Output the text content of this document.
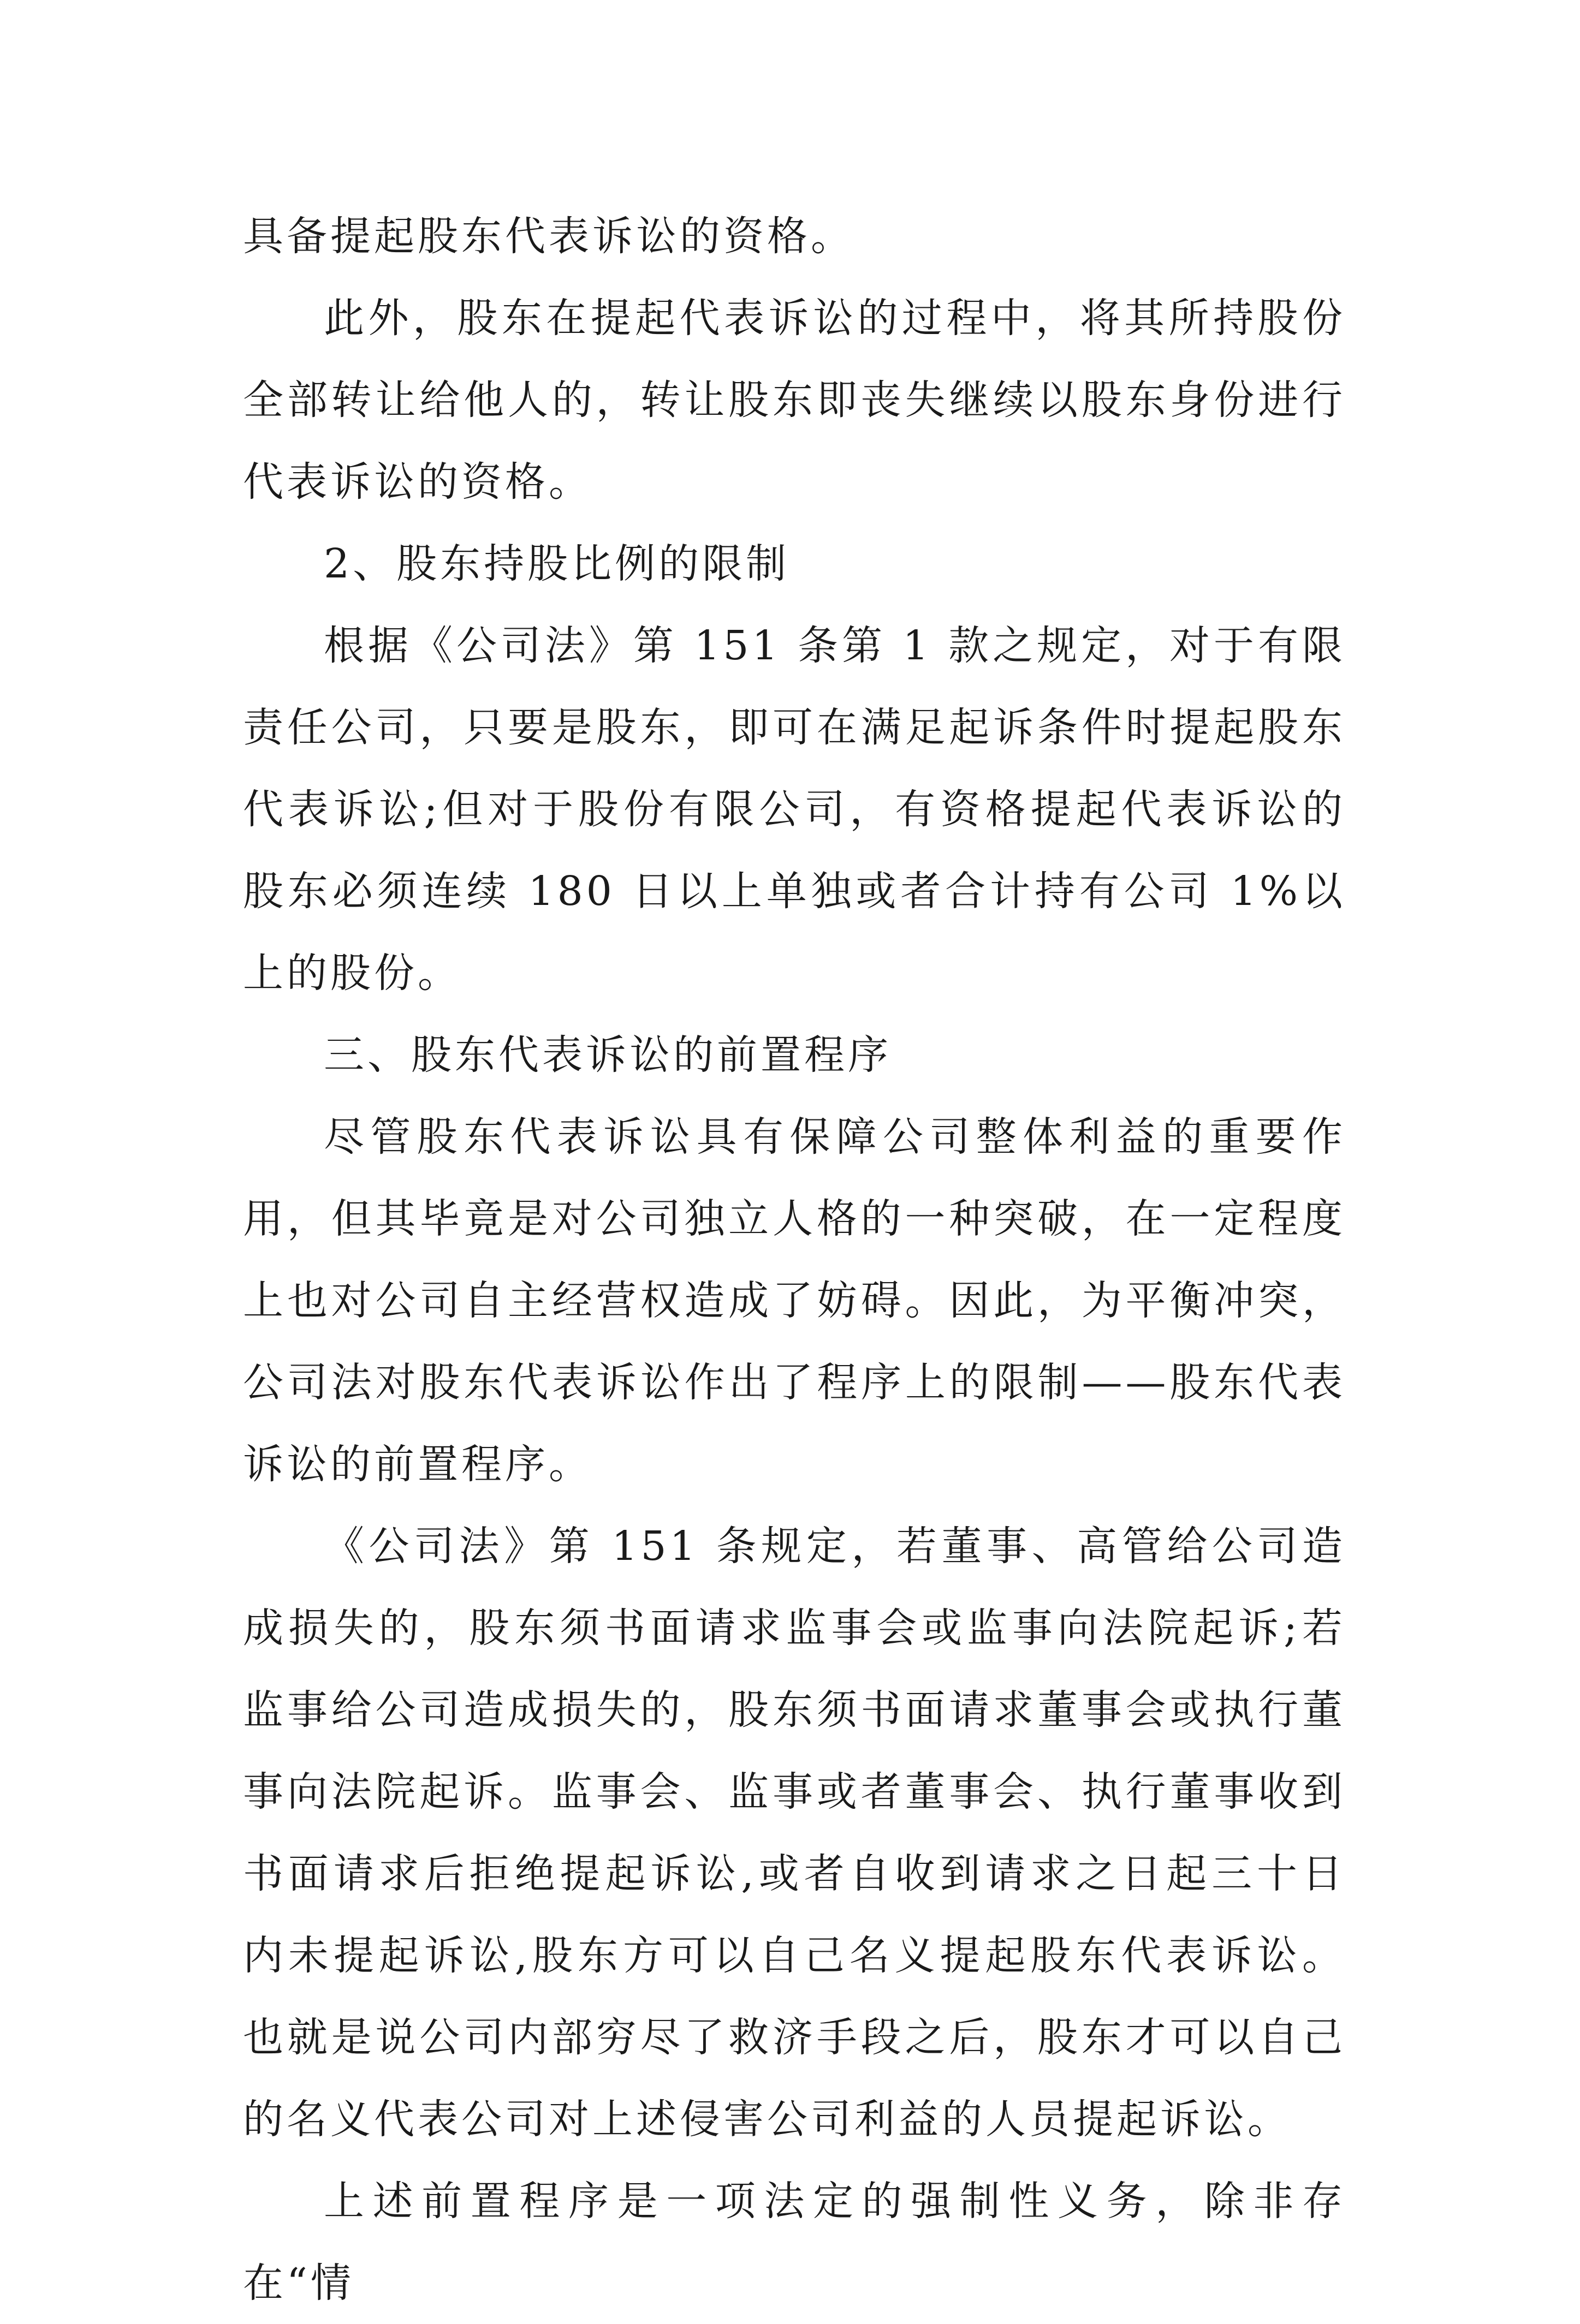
具备提起股东代表诉讼的资格。

此外，股东在提起代表诉讼的过程中，将其所持股份全部转让给他人的，转让股东即丧失继续以股东身份进行代表诉讼的资格。

2、股东持股比例的限制

根据《公司法》第 151 条第 1 款之规定，对于有限责任公司，只要是股东，即可在满足起诉条件时提起股东代表诉讼;但对于股份有限公司，有资格提起代表诉讼的股东必须连续 180 日以上单独或者合计持有公司 1%以上的股份。

三、股东代表诉讼的前置程序

尽管股东代表诉讼具有保障公司整体利益的重要作用，但其毕竟是对公司独立人格的一种突破，在一定程度上也对公司自主经营权造成了妨碍。因此，为平衡冲突，公司法对股东代表诉讼作出了程序上的限制——股东代表诉讼的前置程序。

《公司法》第 151 条规定，若董事、高管给公司造成损失的，股东须书面请求监事会或监事向法院起诉;若监事给公司造成损失的，股东须书面请求董事会或执行董事向法院起诉。监事会、监事或者董事会、执行董事收到书面请求后拒绝提起诉讼,或者自收到请求之日起三十日内未提起诉讼,股东方可以自己名义提起股东代表诉讼。也就是说公司内部穷尽了救济手段之后，股东才可以自己的名义代表公司对上述侵害公司利益的人员提起诉讼。

上述前置程序是一项法定的强制性义务，除非存在“情
